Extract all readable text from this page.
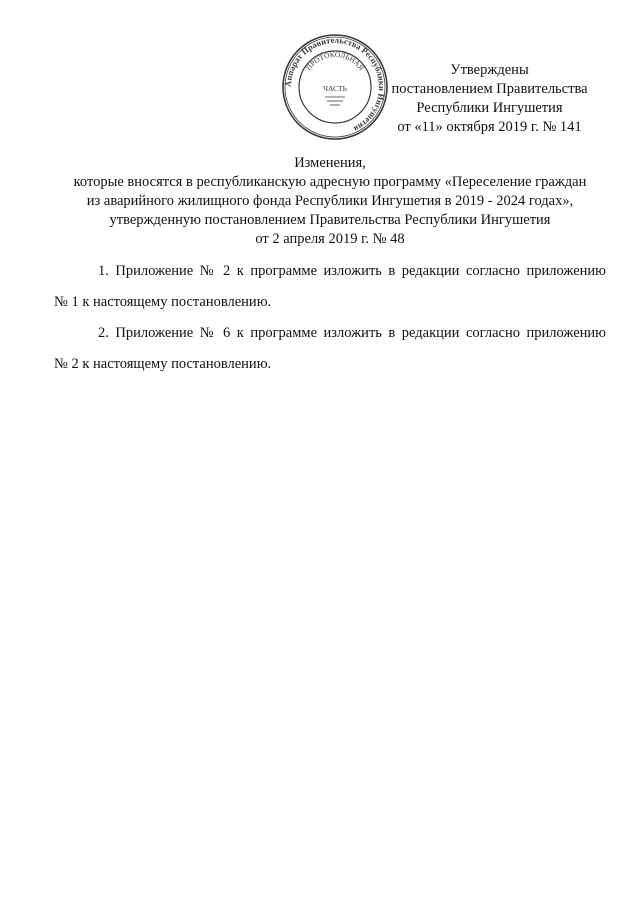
Аппарат Правительства Республики Ингушетия
ПРОТОКОЛЬНАЯ
ЧАСТЬ
Утверждены
постановлением Правительства
Республики Ингушетия
от «11» октября 2019 г. № 141
Изменения,
которые вносятся в республиканскую адресную программу «Переселение граждан
из аварийного жилищного фонда Республики Ингушетия в 2019 - 2024 годах»,
утвержденную постановлением Правительства Республики Ингушетия
от 2 апреля 2019 г. № 48

1. Приложение № 2 к программе изложить в редакции согласно приложению
№ 1 к настоящему постановлению.

2. Приложение № 6 к программе изложить в редакции согласно приложению
№ 2 к настоящему постановлению.
